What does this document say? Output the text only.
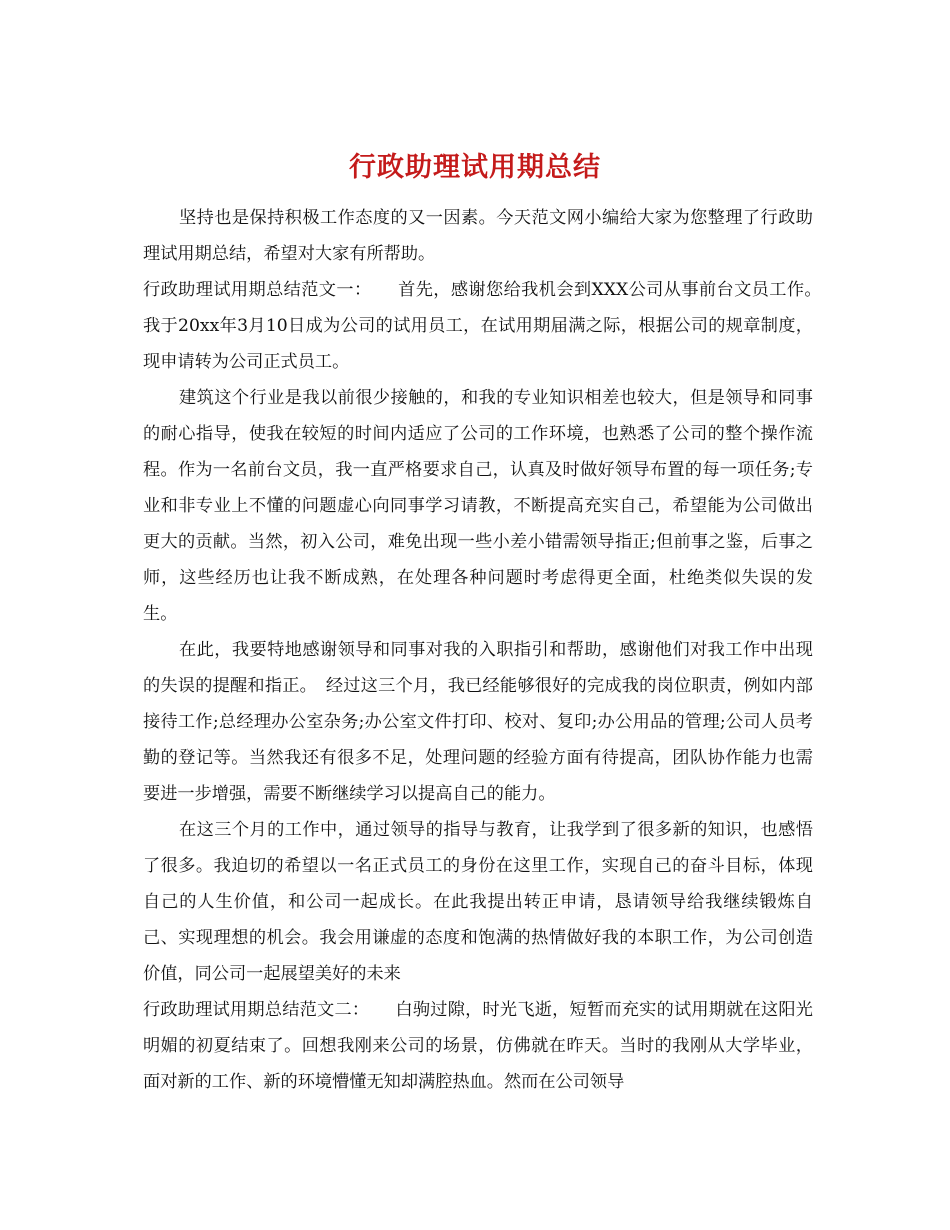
行政助理试用期总结

坚持也是保持积极工作态度的又一因素。今天范文网小编给大家为您整理了行政助理试用期总结，希望对大家有所帮助。

行政助理试用期总结范文一：　　首先，感谢您给我机会到XXX公司从事前台文员工作。　我于20xx年3月10日成为公司的试用员工，在试用期届满之际，根据公司的规章制度，现申请转为公司正式员工。

建筑这个行业是我以前很少接触的，和我的专业知识相差也较大，但是领导和同事的耐心指导，使我在较短的时间内适应了公司的工作环境，也熟悉了公司的整个操作流程。作为一名前台文员，我一直严格要求自己，认真及时做好领导布置的每一项任务;专业和非专业上不懂的问题虚心向同事学习请教，不断提高充实自己，希望能为公司做出更大的贡献。当然，初入公司，难免出现一些小差小错需领导指正;但前事之鉴，后事之师，这些经历也让我不断成熟，在处理各种问题时考虑得更全面，杜绝类似失误的发生。

在此，我要特地感谢领导和同事对我的入职指引和帮助，感谢他们对我工作中出现的失误的提醒和指正。　经过这三个月，我已经能够很好的完成我的岗位职责，例如内部接待工作;总经理办公室杂务;办公室文件打印、校对、复印;办公用品的管理;公司人员考勤的登记等。当然我还有很多不足，处理问题的经验方面有待提高，团队协作能力也需要进一步增强，需要不断继续学习以提高自己的能力。

在这三个月的工作中，通过领导的指导与教育，让我学到了很多新的知识，也感悟了很多。我迫切的希望以一名正式员工的身份在这里工作，实现自己的奋斗目标，体现自己的人生价值，和公司一起成长。在此我提出转正申请，恳请领导给我继续锻炼自己、实现理想的机会。我会用谦虚的态度和饱满的热情做好我的本职工作，为公司创造价值，同公司一起展望美好的未来

行政助理试用期总结范文二：　　白驹过隙，时光飞逝，短暂而充实的试用期就在这阳光明媚的初夏结束了。回想我刚来公司的场景，仿佛就在昨天。当时的我刚从大学毕业，面对新的工作、新的环境懵懂无知却满腔热血。然而在公司领导
